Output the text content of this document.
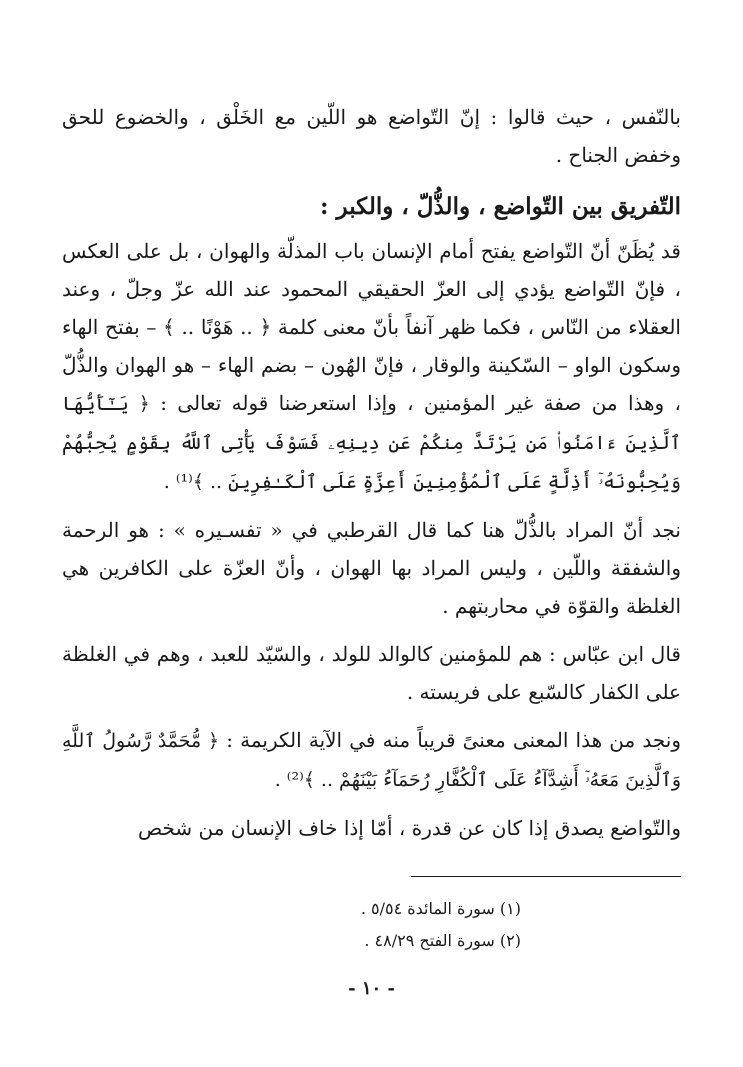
بالنّفس ، حيث قالوا : إنّ التّواضع هو اللّين مع الخَلْق ، والخضوع للحق وخفض الجناح .

التّفريق بين التّواضع ، والذُّلّ ، والكبر :

قد يُظَنّ أنّ التّواضع يفتح أمام الإنسان باب المذلّة والهوان ، بل على العكس ، فإنّ التّواضع يؤدي إلى العزّ الحقيقي المحمود عند الله عزّ وجلّ ، وعند العقلاء من النّاس ، فكما ظهر آنفاً بأنّ معنى كلمة ﴿ .. هَوْنًا .. ﴾ – بفتح الهاء وسكون الواو – السّكينة والوقار ، فإنّ الهُون – بضم الهاء – هو الهوان والذُّلّ ، وهذا من صفة غير المؤمنين ، وإذا استعرضنا قوله تعالى : ﴿ يَـٰٓأَيُّهَا ٱلَّذِينَ ءَامَنُوا۟ مَن يَرْتَدَّ مِنكُمْ عَن دِينِهِۦ فَسَوْفَ يَأْتِى ٱللَّهُ بِقَوْمٍ يُحِبُّهُمْ وَيُحِبُّونَهُۥٓ أَذِلَّةٍ عَلَى ٱلْمُؤْمِنِينَ أَعِزَّةٍ عَلَى ٱلْكَـٰفِرِينَ .. ﴾⁽¹⁾ .

نجد أنّ المراد بالذُّلّ هنا كما قال القرطبي في « تفسـيره » : هو الرحمة والشفقة واللّين ، وليس المراد بها الهوان ، وأنّ العزّة على الكافرين هي الغلظة والقوّة في محاربتهم .

قال ابن عبّاس : هم للمؤمنين كالوالد للولد ، والسّيّد للعبد ، وهم في الغلظة على الكفار كالسّبع على فريسته .

ونجد من هذا المعنى معنىً قريباً منه في الآية الكريمة : ﴿ مُّحَمَّدٌ رَّسُولُ ٱللَّهِ وَٱلَّذِينَ مَعَهُۥٓ أَشِدَّآءُ عَلَى ٱلْكُفَّارِ رُحَمَآءُ بَيْنَهُمْ .. ﴾⁽²⁾ .

والتّواضع يصدق إذا كان عن قدرة ، أمّا إذا خاف الإنسان من شخص

(١) سورة المائدة ٥/٥٤ .

(٢) سورة الفتح ٤٨/٢٩ .

- ١٠ -
